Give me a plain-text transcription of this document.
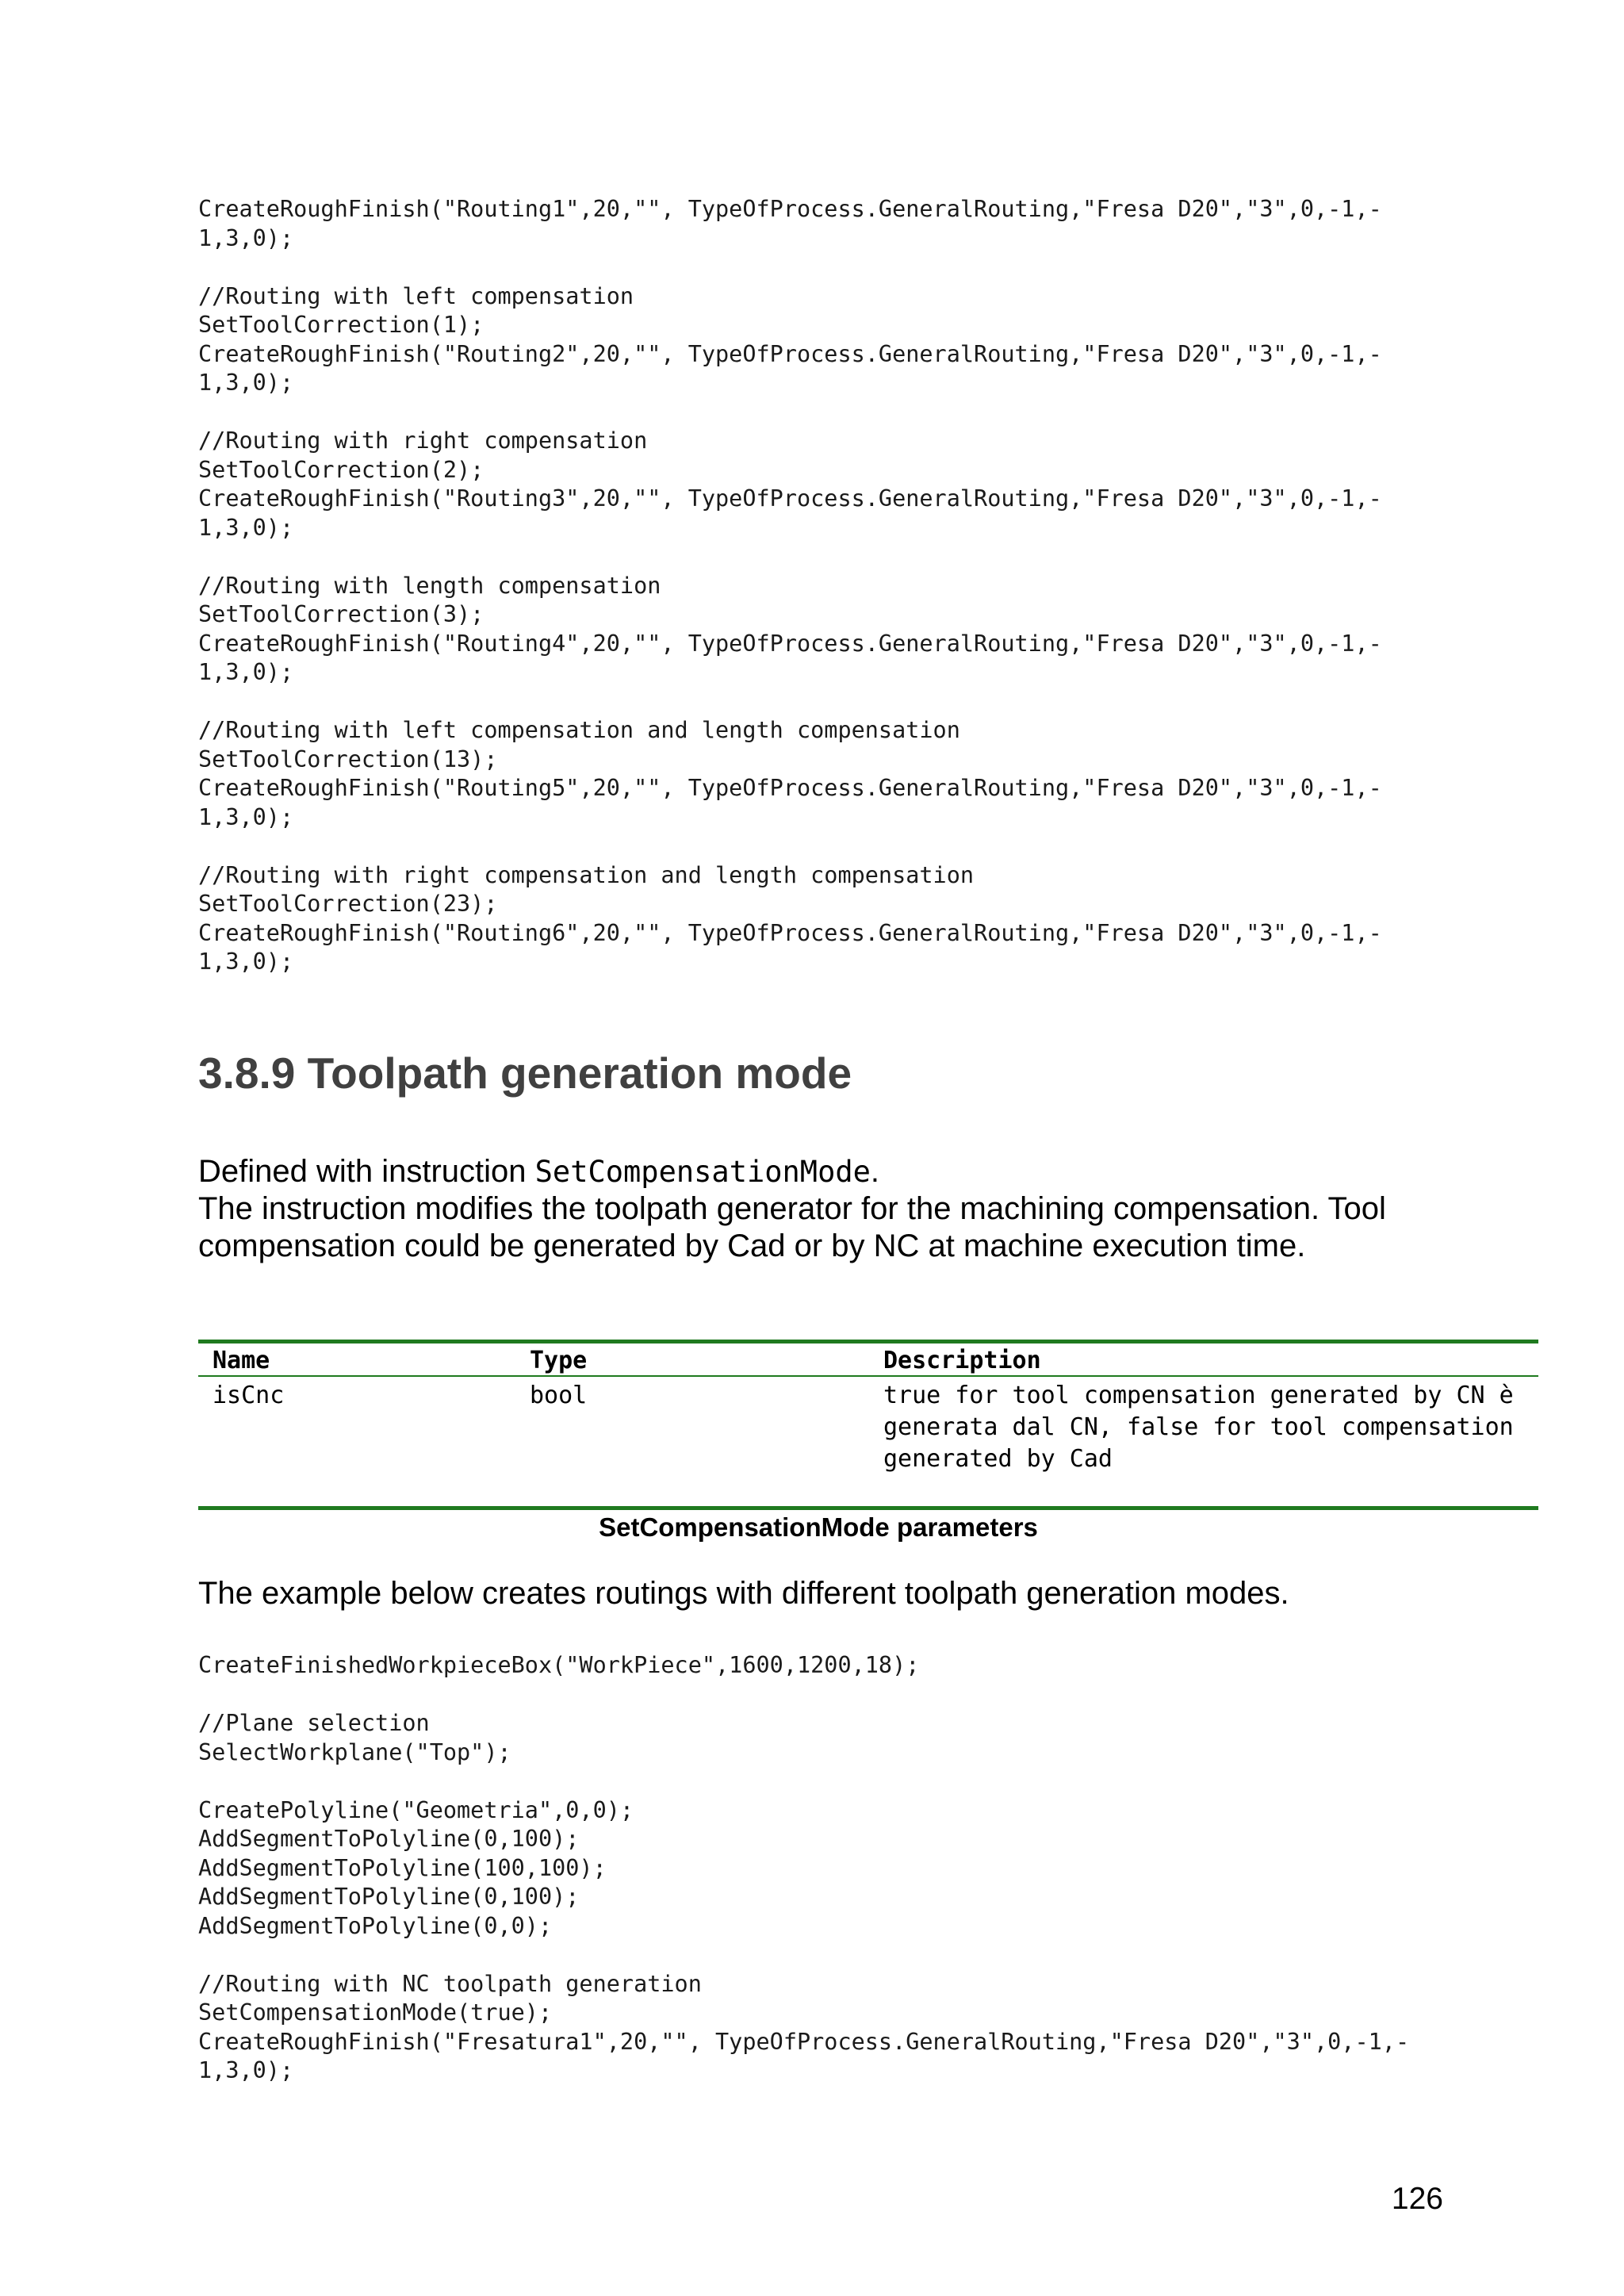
CreateRoughFinish("Routing1",20,"", TypeOfProcess.GeneralRouting,"Fresa D20","3",0,-1,-
1,3,0);

//Routing with left compensation
SetToolCorrection(1);
CreateRoughFinish("Routing2",20,"", TypeOfProcess.GeneralRouting,"Fresa D20","3",0,-1,-
1,3,0);

//Routing with right compensation
SetToolCorrection(2);
CreateRoughFinish("Routing3",20,"", TypeOfProcess.GeneralRouting,"Fresa D20","3",0,-1,-
1,3,0);

//Routing with length compensation
SetToolCorrection(3);
CreateRoughFinish("Routing4",20,"", TypeOfProcess.GeneralRouting,"Fresa D20","3",0,-1,-
1,3,0);

//Routing with left compensation and length compensation
SetToolCorrection(13);
CreateRoughFinish("Routing5",20,"", TypeOfProcess.GeneralRouting,"Fresa D20","3",0,-1,-
1,3,0);

//Routing with right compensation and length compensation
SetToolCorrection(23);
CreateRoughFinish("Routing6",20,"", TypeOfProcess.GeneralRouting,"Fresa D20","3",0,-1,-
1,3,0);
3.8.9 Toolpath generation mode
Defined with instruction SetCompensationMode.
The instruction modifies the toolpath generator for the machining compensation. Tool compensation could be generated by Cad or by NC at machine execution time.
Name	Type	Description
isCnc	bool	true for tool compensation generated by CN è generata dal CN, false for tool compensation generated by Cad
SetCompensationMode parameters

The example below creates routings with different toolpath generation modes.

CreateFinishedWorkpieceBox("WorkPiece",1600,1200,18);

//Plane selection
SelectWorkplane("Top");

CreatePolyline("Geometria",0,0);
AddSegmentToPolyline(0,100);
AddSegmentToPolyline(100,100);
AddSegmentToPolyline(0,100);
AddSegmentToPolyline(0,0);

//Routing with NC toolpath generation
SetCompensationMode(true);
CreateRoughFinish("Fresatura1",20,"", TypeOfProcess.GeneralRouting,"Fresa D20","3",0,-1,-
1,3,0);

126
